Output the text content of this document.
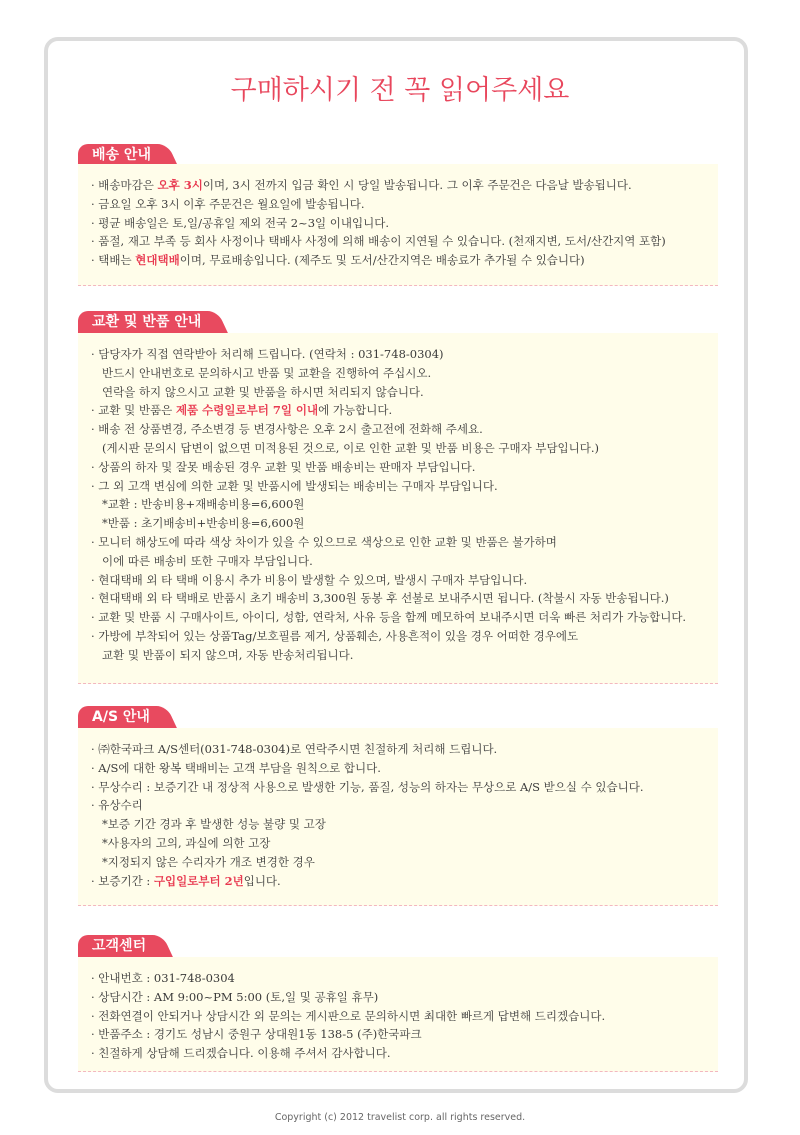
구매하시기 전 꼭 읽어주세요
배송 안내
· 배송마감은 오후 3시이며, 3시 전까지 입금 확인 시 당일 발송됩니다. 그 이후 주문건은 다음날 발송됩니다.
· 금요일 오후 3시 이후 주문건은 월요일에 발송됩니다.
· 평균 배송일은 토,일/공휴일 제외 전국 2~3일 이내입니다.
· 품절, 재고 부족 등 회사 사정이나 택배사 사정에 의해 배송이 지연될 수 있습니다. (천재지변, 도서/산간지역 포함)
· 택배는 현대택배이며, 무료배송입니다. (제주도 및 도서/산간지역은 배송료가 추가될 수 있습니다)
교환 및 반품 안내
· 담당자가 직접 연락받아 처리해 드립니다. (연락처 : 031-748-0304)
반드시 안내번호로 문의하시고 반품 및 교환을 진행하여 주십시오.
연락을 하지 않으시고 교환 및 반품을 하시면 처리되지 않습니다.
· 교환 및 반품은 제품 수령일로부터 7일 이내에 가능합니다.
· 배송 전 상품변경, 주소변경 등 변경사항은 오후 2시 출고전에 전화해 주세요.
(게시판 문의시 답변이 없으면 미적용된 것으로, 이로 인한 교환 및 반품 비용은 구매자 부담입니다.)
· 상품의 하자 및 잘못 배송된 경우 교환 및 반품 배송비는 판매자 부담입니다.
· 그 외 고객 변심에 의한 교환 및 반품시에 발생되는 배송비는 구매자 부담입니다.
*교환 : 반송비용+재배송비용=6,600원
*반품 : 초기배송비+반송비용=6,600원
· 모니터 해상도에 따라 색상 차이가 있을 수 있으므로 색상으로 인한 교환 및 반품은 불가하며
이에 따른 배송비 또한 구매자 부담입니다.
· 현대택배 외 타 택배 이용시 추가 비용이 발생할 수 있으며, 발생시 구매자 부담입니다.
· 현대택배 외 타 택배로 반품시 초기 배송비 3,300원 동봉 후 선불로 보내주시면 됩니다. (착불시 자동 반송됩니다.)
· 교환 및 반품 시 구매사이트, 아이디, 성함, 연락처, 사유 등을 함께 메모하여 보내주시면 더욱 빠른 처리가 가능합니다.
· 가방에 부착되어 있는 상품Tag/보호필름 제거, 상품훼손, 사용흔적이 있을 경우 어떠한 경우에도
교환 및 반품이 되지 않으며, 자동 반송처리됩니다.
A/S 안내
· ㈜한국파크 A/S센터(031-748-0304)로 연락주시면 친절하게 처리해 드립니다.
· A/S에 대한 왕복 택배비는 고객 부담을 원칙으로 합니다.
· 무상수리 : 보증기간 내 정상적 사용으로 발생한 기능, 품질, 성능의 하자는 무상으로 A/S 받으실 수 있습니다.
· 유상수리
*보증 기간 경과 후 발생한 성능 불량 및 고장
*사용자의 고의, 과실에 의한 고장
*지정되지 않은 수리자가 개조 변경한 경우
· 보증기간 : 구입일로부터 2년입니다.
고객센터
· 안내번호 : 031-748-0304
· 상담시간 : AM 9:00~PM 5:00 (토,일 및 공휴일 휴무)
· 전화연결이 안되거나 상담시간 외 문의는 게시판으로 문의하시면 최대한 빠르게 답변해 드리겠습니다.
· 반품주소 : 경기도 성남시 중원구 상대원1동 138-5 (주)한국파크
· 친절하게 상담해 드리겠습니다. 이용해 주셔서 감사합니다.
Copyright (c) 2012 travelist corp. all rights reserved.
